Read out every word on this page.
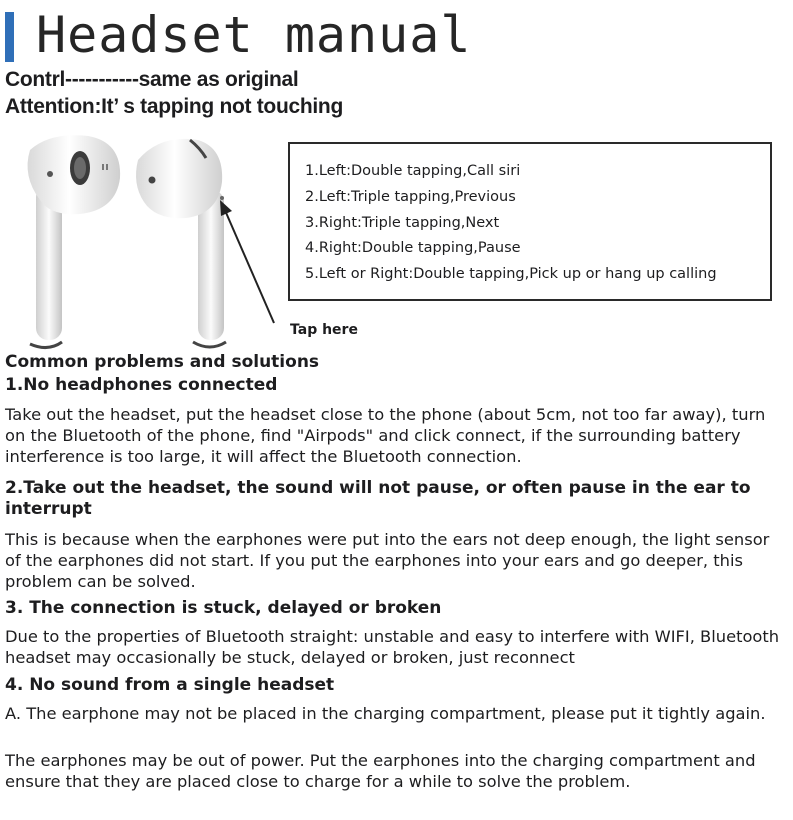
Headset manual
Contrl-----------same as original
Attention:It’ s tapping not touching
1.Left:Double tapping,Call siri
2.Left:Triple tapping,Previous
3.Right:Triple tapping,Next
4.Right:Double tapping,Pause
5.Left or Right:Double tapping,Pick up or hang up calling
Tap here
Common problems and solutions
1.No headphones connected
Take out the headset, put the headset close to the phone (about 5cm, not too far away), turn on the Bluetooth of the phone, find "Airpods" and click connect, if the surrounding battery interference is too large, it will affect the Bluetooth connection.
2.Take out the headset, the sound will not pause, or often pause in the ear to interrupt
This is because when the earphones were put into the ears not deep enough, the light sensor of the earphones did not start. If you put the earphones into your ears and go deeper, this problem can be solved.
3. The connection is stuck, delayed or broken
Due to the properties of Bluetooth straight: unstable and easy to interfere with WIFI, Bluetooth headset may occasionally be stuck, delayed or broken, just reconnect
4. No sound from a single headset
A. The earphone may not be placed in the charging compartment, please put it tightly again.
The earphones may be out of power. Put the earphones into the charging compartment and ensure that they are placed close to charge for a while to solve the problem.
